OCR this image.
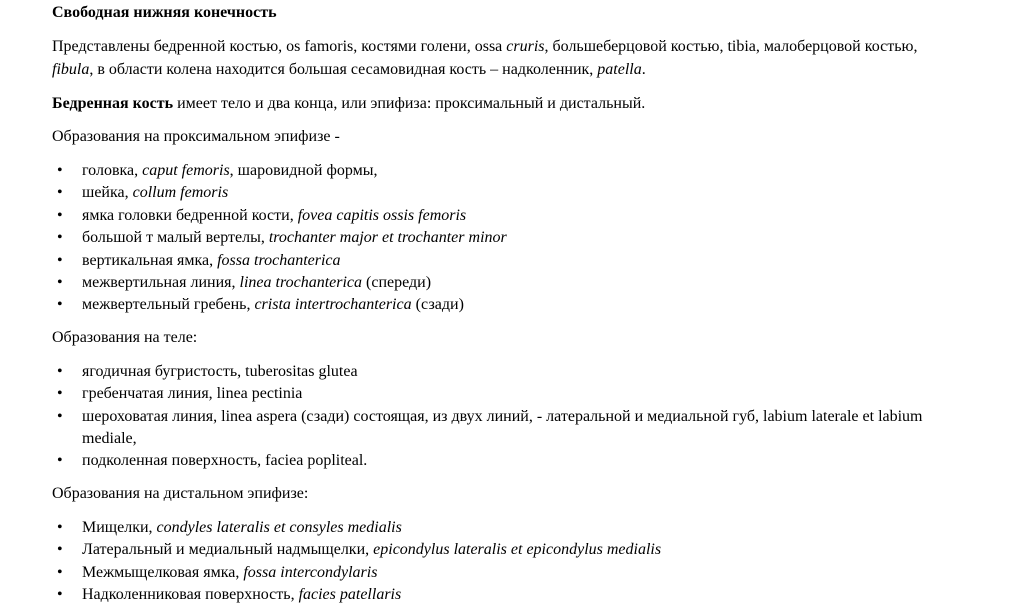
Свободная нижняя конечность

Представлены бедренной костью, os famoris, костями голени, ossa cruris, большеберцовой костью, tibia, малоберцовой костью, fibula, в области колена находится большая сесамовидная кость – надколенник, patella.

Бедренная кость имеет тело и два конца, или эпифиза: проксимальный и дистальный.

Образования на проксимальном эпифизе -

• головка, caput femoris, шаровидной формы,
• шейка, collum femoris
• ямка головки бедренной кости, fovea capitis ossis femoris
• большой т малый вертелы, trochanter major et trochanter minor
• вертикальная ямка, fossa trochanterica
• межвертильная линия, linea trochanterica (спереди)
• межвертельный гребень, crista intertrochanterica (сзади)

Образования на теле:

• ягодичная бугристость, tuberositas glutea
• гребенчатая линия, linea pectinia
• шероховатая линия, linea aspera (сзади) состоящая, из двух линий, - латеральной и медиальной губ, labium laterale et labium mediale,
• подколенная поверхность, faciea popliteal.

Образования на дистальном эпифизе:

• Мищелки, condyles lateralis et consyles medialis
• Латеральный и медиальный надмыщелки, epicondylus lateralis et epicondylus medialis
• Межмыщелковая ямка, fossa intercondylaris
• Надколенниковая поверхность, facies patellaris
